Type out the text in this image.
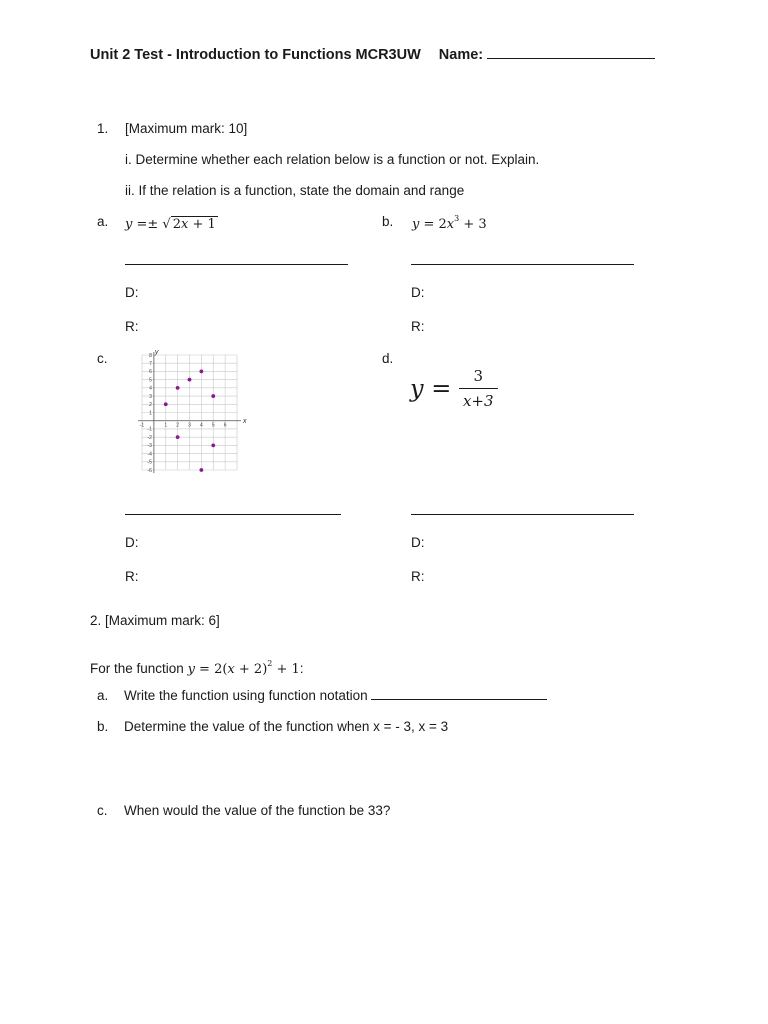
Unit 2 Test - Introduction to Functions MCR3UW Name:
1. [Maximum mark: 10]
i. Determine whether each relation below is a function or not. Explain.
ii. If the relation is a function, state the domain and range
a. y =± √ 2x + 1
D:
R:
b. $y = 2x^3 + 3$
D:
R:
c.
-1	1 2 3 4 5 6
8
7
6
5
4
3
2
1
-1
-2
-3
-4
-5
-6
x
y
D:
R:
d.
$y = \frac{3}{x+3}$
D:
R:
2. [Maximum mark: 6]
For the function $y = 2(x + 2)^2 + 1$:
a. Write the function using function notation
b. Determine the value of the function when x = - 3, x = 3
c. When would the value of the function be 33?
